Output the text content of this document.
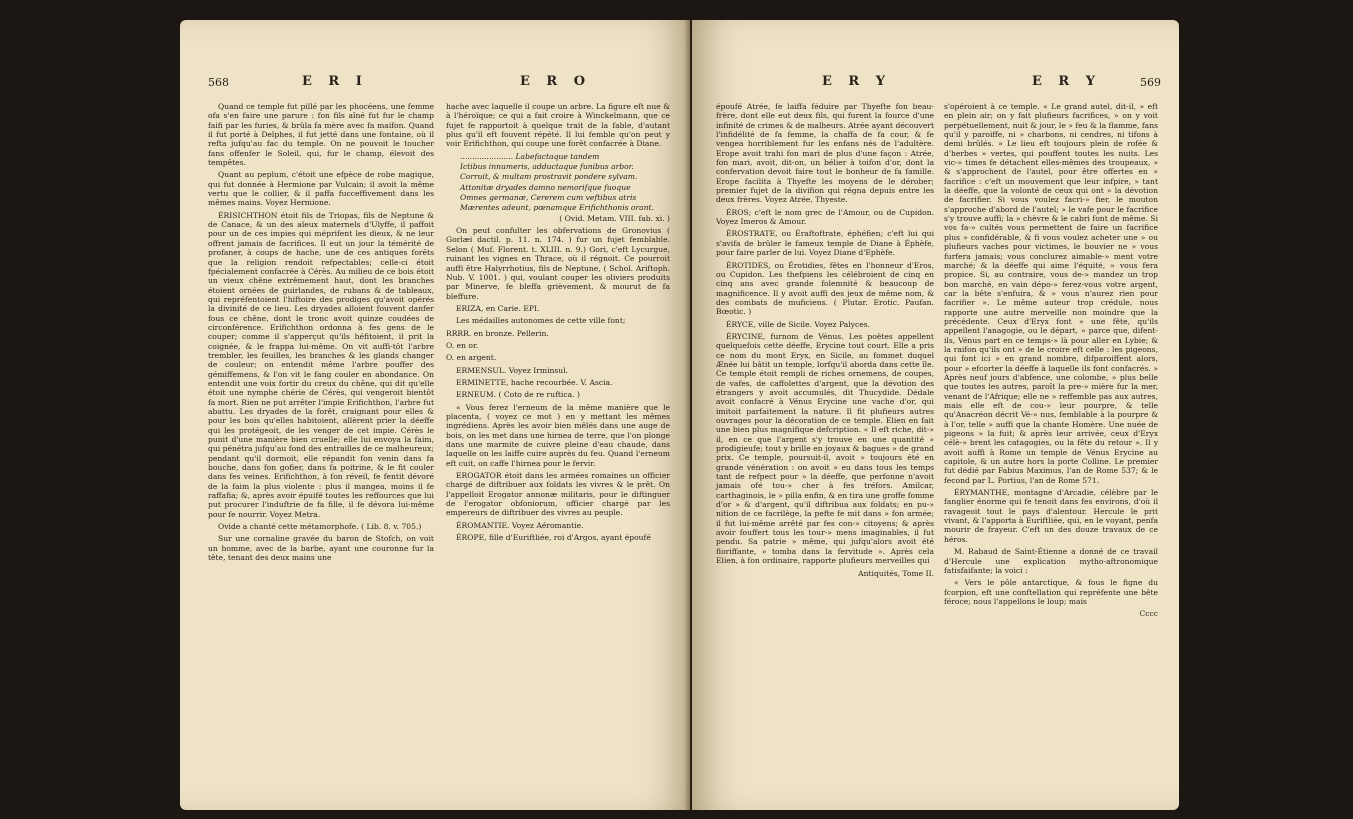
568	E R I	E R O

Quand ce temple fut pillé par les phocéens, une femme ofa s'en faire une parure : fon fils aîné fut fur le champ faifi par les furies, & brûla fa mère avec fa maifon. Quand il fut porté à Delphes, il fut jetté dans une fontaine, où il refta jufqu'au fac du temple. On ne pouvoit le toucher fans offenfer le Soleil, qui, fur le champ, élevoit des tempêtes.

Quant au peplum, c'étoit une efpèce de robe magique, qui fut donnée à Hermione par Vulcain; il avoit la même vertu que le collier, & il paffa fucceffivement dans les mêmes mains. Voyez Hermione.

ÉRISICHTHON étoit fils de Triopas, fils de Neptune & de Canace, & un des aïeux maternels d'Ulyffe, il paffoit pour un de ces impies qui méprifent les dieux, & ne leur offrent jamais de facrifices. Il eut un jour la témérité de profaner, à coups de hache, une de ces antiques forêts que la religion rendoit refpectables; celle-ci étoit fpécialement confacrée à Cérès. Au milieu de ce bois étoit un vieux chêne extrêmement haut, dont les branches étoient ornées de guirlandes, de rubans & de tableaux, qui repréfentoient l'hiftoire des prodiges qu'avoit opérés la divinité de ce lieu. Les dryades alloient fouvent danfer fous ce chêne, dont le tronc avoit quinze coudées de circonférence. Erifichthon ordonna à fes gens de le couper; comme il s'apperçut qu'ils héfitoient, il prit la coignée, & le frappa lui-même. On vit auffi-tôt l'arbre trembler, les feuilles, les branches & les glands changer de couleur; on entendit même l'arbre pouffer des gémiffemens, & l'on vit le fang couler en abondance. On entendit une voix fortir du creux du chêne, qui dit qu'elle étoit une nymphe chérie de Cérès, qui vengeroit bientôt fa mort. Rien ne put arrêter l'impie Erifichthon, l'arbre fut abattu. Les dryades de la forêt, craignant pour elles & pour les bois qu'elles habitoient, allèrent prier la déeffe qui les protégeoit, de les venger de cet impie. Cérès le punit d'une manière bien cruelle; elle lui envoya la faim, qui pénétra jufqu'au fond des entrailles de ce malheureux; pendant qu'il dormoit, elle répandit fon venin dans fa bouche, dans fon gofier, dans fa poitrine, & le fit couler dans fes veines. Erifichthon, à fon réveil, fe fentit dévoré de la faim la plus violente : plus il mangea, moins il fe raffafia; &, après avoir épuifé toutes les reffources que lui put procurer l'induftrie de fa fille, il fe dévora lui-même pour fe nourrir. Voyez Metra.

Ovide a chanté cette métamorphofe. ( Lib. 8. v. 705.)

Sur une cornaline gravée du baron de Stofch, on voit un homme, avec de la barbe, ayant une couronne fur la tête, tenant des deux mains une

hache avec laquelle il coupe un arbre. La figure eft nue & à l'héroïque; ce qui a fait croire à Winckelmann, que ce fujet fe rapportoit à quelque trait de la fable, d'autant plus qu'il eft fouvent répété. Il lui femble qu'on peut y voir Erifichthon, qui coupe une forêt confacrée à Diane.

...................... Labefactaque tandem

Ictibus innumeris, adductaque funibus arbor.

Corruit, & multam prostravit pondere sylvam.

Attonitæ dryades damno nemorifque fuoque

Omnes germanæ, Cererem cum veftibus atris

Mærentes adeunt, pœnamque Erifichthonis orant.

( Ovid. Metam. VIII. fab. xi. )

On peut confulter les obfervations de Gronovius ( Gorlæi dactil. p. 11. n. 174. ) fur un fujet femblable. Selon ( Muf. Florent. t. XLIII. n. 9.) Gori, c'eft Lycurgue, ruinant les vignes en Thrace, où il régnoit. Ce pourroit auffi être Halyrrhotius, fils de Neptune, ( Schol. Ariftoph. Nub. V. 1001. ) qui, voulant couper les oliviers produits par Minerve, fe bleffa grièvement, & mourut de fa bleffure.

ERIZA, en Carie. ΕΡΙ.

Les médailles autonomes de cette ville font;

RRRR. en bronze. Pellerin.

O. en or.

O. en argent.

ERMENSUL. Voyez Irminsul.

ERMINETTE, hache recourbée. V. Ascia.

ERNEUM. ( Coto de re ruftica. )

« Vous ferez l'erneum de la même manière que le placenta, ( voyez ce mot ) en y mettant les mêmes ingrédiens. Après les avoir bien mêlés dans une auge de bois, on les met dans une hirnea de terre, que l'on plonge dans une marmite de cuivre pleine d'eau chaude, dans laquelle on les laiffe cuire auprès du feu. Quand l'erneum eft cuit, on caffe l'hirnea pour le fervir.

EROGATOR étoit dans les armées romaines un officier chargé de diftribuer aux foldats les vivres & le prêt. On l'appelloit Erogator annonæ militaris, pour le diftinguer de l'erogator obfoniorum, officier chargé par les empereurs de diftribuer des vivres au peuple.

ÉROMANTIE. Voyez Aéromantie.

ÉROPE, fille d'Euriftliée, roi d'Argos, ayant époufé

E R Y	E R Y	569

époufé Atrée, fe laiffa féduire par Thyefte fon beau-frère, dont elle eut deux fils, qui furent la fource d'une infinité de crimes & de malheurs. Atrée ayant découvert l'infidélité de fa femme, la chaffa de fa cour, & fe vengea horriblement fur les enfans nés de l'adultère. Erope avoit trahi fon mari de plus d'une façon : Atrée, fon mari, avoit, dit-on, un bélier à toifon d'or, dont la confervation devoit faire tout le bonheur de fa famille. Erope facilita à Thyefte les moyens de le dérober; premier fujet de la divifion qui régna depuis entre les deux frères. Voyez Atrée, Thyeste.

ÉROS; c'eft le nom grec de l'Amour, ou de Cupidon. Voyez Imeros & Amour.

ÉROSTRATE, ou Éraftoftrate, éphéfien; c'eft lui qui s'avifa de brûler le fameux temple de Diane à Éphèfe, pour faire parler de lui. Voyez Diane d'Ephèfe.

ÉROTIDES, ou Érotidies, fêtes en l'honneur d'Eros, ou Cupidon. Les thefpiens les célébroient de cinq en cinq ans avec grande folemnité & beaucoup de magnificence. Il y avoit auffi des jeux de même nom, & des combats de muficiens. ( Plutar. Erotic. Paufan. Bœotic. )

ÉRYCE, ville de Sicile. Voyez Palyces.

ÉRYCINE, furnom de Vénus. Les poëtes appellent quelquefois cette déeffe, Erycine tout court. Elle a pris ce nom du mont Eryx, en Sicile, au fommet duquel Ænée lui bâtit un temple, lorfqu'il aborda dans cette île. Ce temple étoit rempli de riches ornemens, de coupes, de vafes, de caffolettes d'argent, que la dévotion des étrangers y avoit accumulés, dit Thucydide. Dédale avoit confacré à Vénus Erycine une vache d'or, qui imitoit parfaitement la nature. Il fit plufieurs autres ouvrages pour la décoration de ce temple. Elien en fait une bien plus magnifique defcription. « Il eft riche, dit-» il, en ce que l'argent s'y trouve en une quantité » prodigieufe; tout y brille en joyaux & bagues » de grand prix. Ce temple, poursuit-il, avoit » toujours été en grande vénération : on avoit » eu dans tous les temps tant de refpect pour » la déeffe, que perfonne n'avoit jamais ofé tou-» cher à fes tréfors. Amilcar, carthaginois, le » pilla enfin, & en tira une groffe fomme d'or » & d'argent, qu'il diftribua aux foldats; en pu-» nition de ce facrilège, la pefte fe mit dans » fon armée; il fut lui-même arrêté par fes con-» citoyens; & après avoir fouffert tous les tour-» mens imaginables, il fut pendu. Sa patrie » même, qui jufqu'alors avoit été floriffante, » tomba dans la fervitude ». Après cela Elien, à fon ordinaire, rapporte plufieurs merveilles qui

Antiquités, Tome II.

s'opéroient à ce temple. « Le grand autel, dit-il, » eft en plein air; on y fait plufieurs facrifices, » on y voit perpétuellement, nuit & jour, le » feu & la flamme, fans qu'il y paroiffe, ni » charbons, ni cendres, ni tifons à demi brûlés. » Le lieu eft toujours plein de rofée & d'herbes » vertes, qui pouffent toutes les nuits. Les vic-» times fe détachent elles-mêmes des troupeaux, » & s'approchent de l'autel, pour être offertes en » facrifice : c'eft un mouvement que leur infpire, » tant la déeffe, que la volonté de ceux qui ont » la dévotion de facrifier. Si vous voulez facri-» fier, le mouton s'approche d'abord de l'autel; » le vafe pour le facrifice s'y trouve auffi; la » chèvre & le cabri font de même. Si vos fa-» cultés vous permettent de faire un facrifice plus » confidérable, & fi vous voulez acheter une » ou plufieurs vaches pour victimes, le bouvier ne » vous furfera jamais; vous conclurez aimable-» ment votre marché; & la déeffe qui aime l'équité, » vous fera propice. Si, au contraire, vous de-» mandez un trop bon marché, en vain dépo-» ferez-vous votre argent, car la bête s'enfuira, & » vous n'aurez rien pour facrifier ». Le même auteur trop crédule, nous rapporte une autre merveille non moindre que la précédente. Ceux d'Eryx font » une fête, qu'ils appellent l'anagogie, ou le départ, » parce que, difent-ils, Vénus part en ce temps-» là pour aller en Lybie; & la raifon qu'ils ont » de le croire eft celle : les pigeons, qui font ici » en grand nombre, difparoiffent alors, pour » efcorter la déeffe à laquelle ils font confacrés. » Après neuf jours d'abfence, une colombe, » plus belle que toutes les autres, paroît la pre-» mière fur la mer, venant de l'Afrique; elle ne » reffemble pas aux autres, mais elle eft de cou-» leur pourpre, & telle qu'Anacréon décrit Vé-» nus, femblable à la pourpre & à l'or, telle » auffi que la chante Homère. Une nuée de pigeons » la fuit; & après leur arrivée, ceux d'Eryx célè-» brent les catagogies, ou la fête du retour ». Il y avoit auffi à Rome un temple de Vénus Erycine au capitole, & un autre hors la porte Colline. Le premier fut dédié par Fabius Maximus, l'an de Rome 537; & le fecond par L. Portius, l'an de Rome 571.

ÉRYMANTHE, montagne d'Arcadie, célèbre par le fanglier énorme qui fe tenoit dans fes environs, d'où il ravageoit tout le pays d'alentour. Hercule le prit vivant, & l'apporta à Euriftliée, qui, en le voyant, penfa mourir de frayeur. C'eft un des douze travaux de ce héros.

M. Rabaud de Saint-Étienne a donné de ce travail d'Hercule une explication mytho-aftronomique fatisfaifante; la voici :

« Vers le pôle antarctique, & fous le figne du fcorpion, eft une conftellation qui repréfente une bête féroce; nous l'appellons le loup; mais

Cccc
